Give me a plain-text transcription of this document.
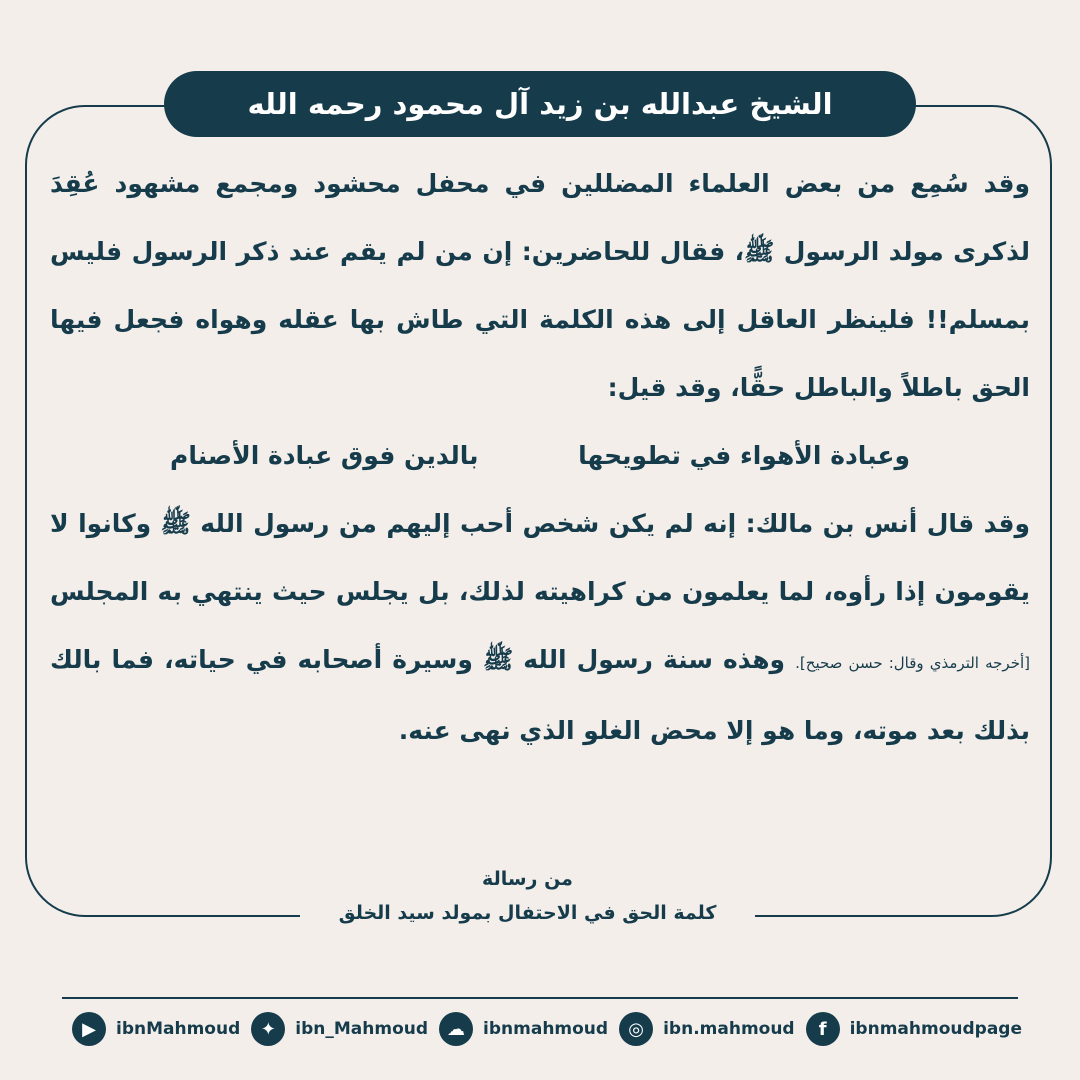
الشيخ عبدالله بن زيد آل محمود رحمه الله

وقد سُمِع من بعض العلماء المضللين في محفل محشود ومجمع مشهود عُقِدَ لذكرى مولد الرسول ﷺ، فقال للحاضرين: إن من لم يقم عند ذكر الرسول فليس بمسلم!! فلينظر العاقل إلى هذه الكلمة التي طاش بها عقله وهواه فجعل فيها الحق باطلاً والباطل حقًّا، وقد قيل:

وعبادة الأهواء في تطويحها
بالدين فوق عبادة الأصنام

وقد قال أنس بن مالك: إنه لم يكن شخص أحب إليهم من رسول الله ﷺ وكانوا لا يقومون إذا رأوه، لما يعلمون من كراهيته لذلك، بل يجلس حيث ينتهي به المجلس [أخرجه الترمذي وقال: حسن صحيح]. وهذه سنة رسول الله ﷺ وسيرة أصحابه في حياته، فما بالك بذلك بعد موته، وما هو إلا محض الغلو الذي نهى عنه.

من رسالة
كلمة الحق في الاحتفال بمولد سيد الخلق
▶	ibnMahmoud	✦	ibn_Mahmoud	☁	ibnmahmoud	◎	ibn.mahmoud	f	ibnmahmoudpage
